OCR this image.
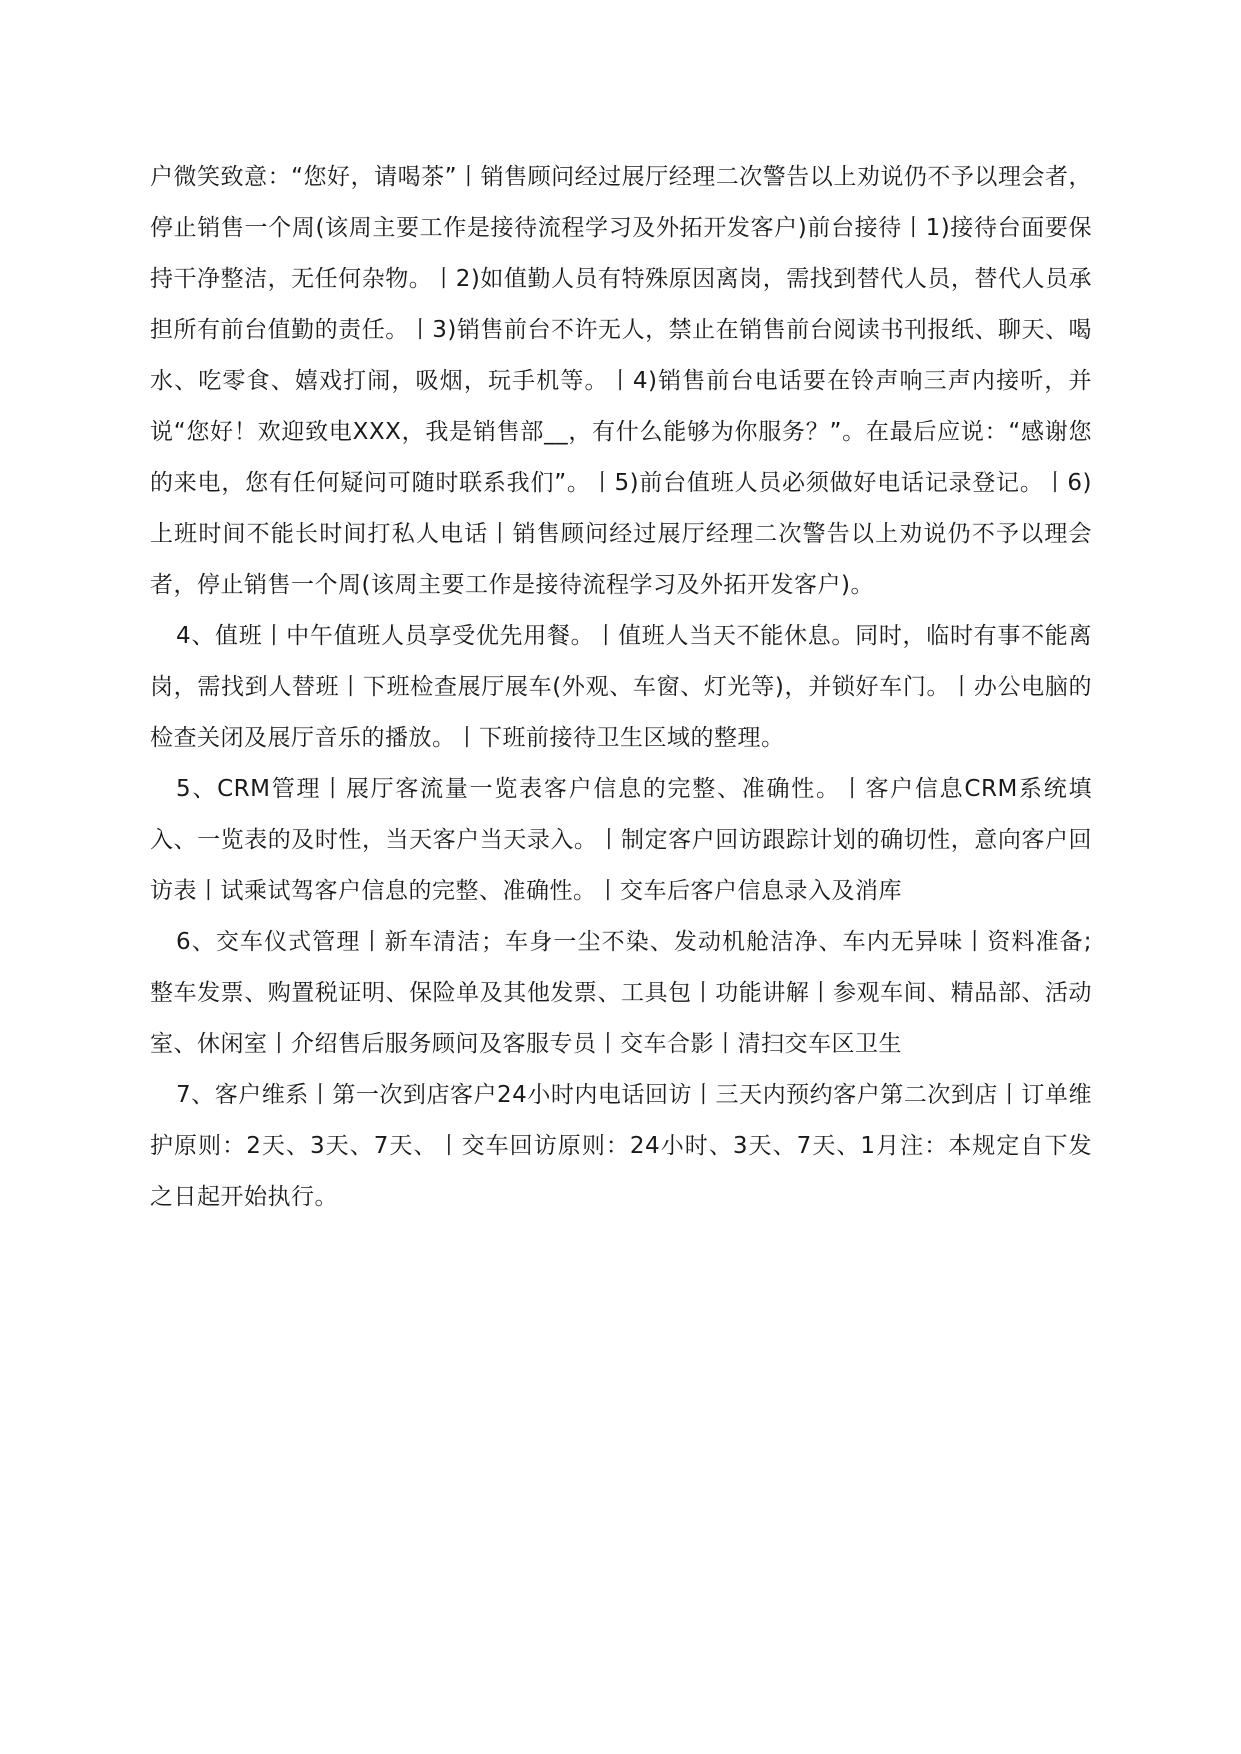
户微笑致意：“您好，请喝茶”丨销售顾问经过展厅经理二次警告以上劝说仍不予以理会者，停止销售一个周(该周主要工作是接待流程学习及外拓开发客户)前台接待丨1)接待台面要保持干净整洁，无任何杂物。丨2)如值勤人员有特殊原因离岗，需找到替代人员，替代人员承担所有前台值勤的责任。丨3)销售前台不许无人，禁止在销售前台阅读书刊报纸、聊天、喝水、吃零食、嬉戏打闹，吸烟，玩手机等。丨4)销售前台电话要在铃声响三声内接听，并说“您好！欢迎致电XXX，我是销售部__，有什么能够为你服务？”。在最后应说：“感谢您的来电，您有任何疑问可随时联系我们”。丨5)前台值班人员必须做好电话记录登记。丨6)上班时间不能长时间打私人电话丨销售顾问经过展厅经理二次警告以上劝说仍不予以理会者，停止销售一个周(该周主要工作是接待流程学习及外拓开发客户)。

4、值班丨中午值班人员享受优先用餐。丨值班人当天不能休息。同时，临时有事不能离岗，需找到人替班丨下班检查展厅展车(外观、车窗、灯光等)，并锁好车门。丨办公电脑的检查关闭及展厅音乐的播放。丨下班前接待卫生区域的整理。

5、CRM管理丨展厅客流量一览表客户信息的完整、准确性。丨客户信息CRM系统填入、一览表的及时性，当天客户当天录入。丨制定客户回访跟踪计划的确切性，意向客户回访表丨试乘试驾客户信息的完整、准确性。丨交车后客户信息录入及消库

6、交车仪式管理丨新车清洁；车身一尘不染、发动机舱洁净、车内无异味丨资料准备;整车发票、购置税证明、保险单及其他发票、工具包丨功能讲解丨参观车间、精品部、活动室、休闲室丨介绍售后服务顾问及客服专员丨交车合影丨清扫交车区卫生

7、客户维系丨第一次到店客户24小时内电话回访丨三天内预约客户第二次到店丨订单维护原则：2天、3天、7天、丨交车回访原则：24小时、3天、7天、1月注：本规定自下发之日起开始执行。
